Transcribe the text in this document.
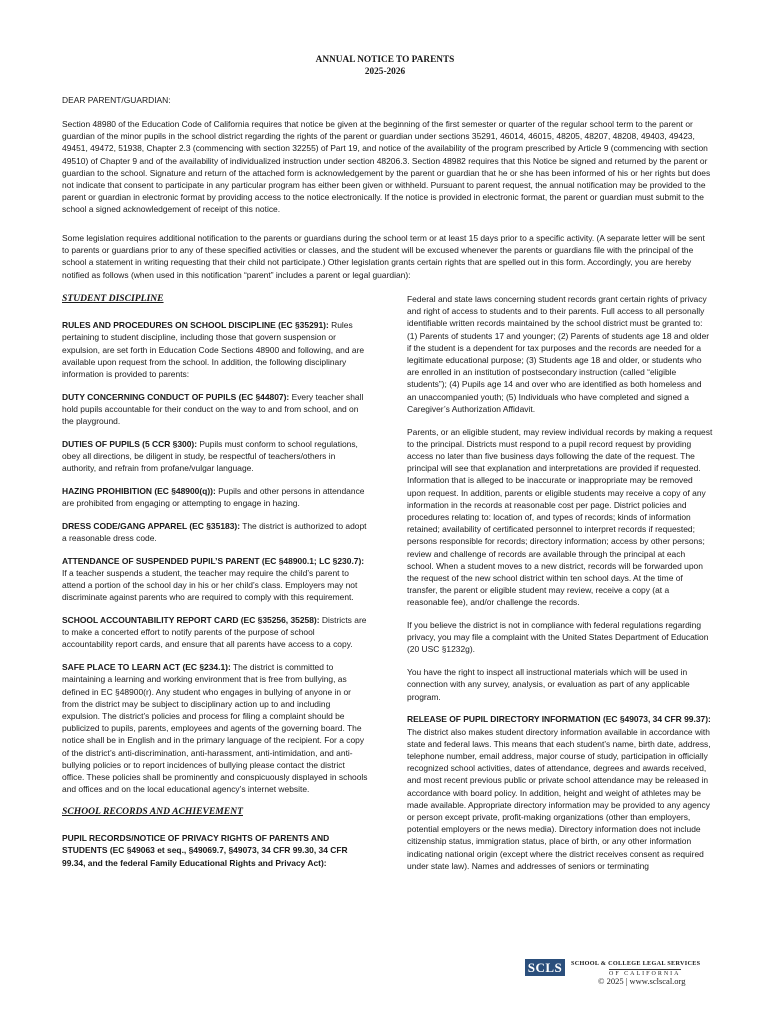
ANNUAL NOTICE TO PARENTS
2025-2026

DEAR PARENT/GUARDIAN:

Section 48980 of the Education Code of California requires that notice be given at the beginning of the first semester or quarter of the regular school term to the parent or guardian of the minor pupils in the school district regarding the rights of the parent or guardian under sections 35291, 46014, 46015, 48205, 48207, 48208, 49403, 49423, 49451, 49472, 51938, Chapter 2.3 (commencing with section 32255) of Part 19, and notice of the availability of the program prescribed by Article 9 (commencing with section 49510) of Chapter 9 and of the availability of individualized instruction under section 48206.3. Section 48982 requires that this Notice be signed and returned by the parent or guardian to the school. Signature and return of the attached form is acknowledgement by the parent or guardian that he or she has been informed of his or her rights but does not indicate that consent to participate in any particular program has either been given or withheld. Pursuant to parent request, the annual notification may be provided to the parent or guardian in electronic format by providing access to the notice electronically. If the notice is provided in electronic format, the parent or guardian must submit to the school a signed acknowledgement of receipt of this notice.

Some legislation requires additional notification to the parents or guardians during the school term or at least 15 days prior to a specific activity. (A separate letter will be sent to parents or guardians prior to any of these specified activities or classes, and the student will be excused whenever the parents or guardians file with the principal of the school a statement in writing requesting that their child not participate.) Other legislation grants certain rights that are spelled out in this form. Accordingly, you are hereby notified as follows (when used in this notification “parent” includes a parent or legal guardian):

STUDENT DISCIPLINE

RULES AND PROCEDURES ON SCHOOL DISCIPLINE (EC §35291): Rules pertaining to student discipline, including those that govern suspension or expulsion, are set forth in Education Code Sections 48900 and following, and are available upon request from the school. In addition, the following disciplinary information is provided to parents:

DUTY CONCERNING CONDUCT OF PUPILS (EC §44807): Every teacher shall hold pupils accountable for their conduct on the way to and from school, and on the playground.

DUTIES OF PUPILS (5 CCR §300): Pupils must conform to school regulations, obey all directions, be diligent in study, be respectful of teachers/others in authority, and refrain from profane/vulgar language.

HAZING PROHIBITION (EC §48900(q)): Pupils and other persons in attendance are prohibited from engaging or attempting to engage in hazing.

DRESS CODE/GANG APPAREL (EC §35183): The district is authorized to adopt a reasonable dress code.

ATTENDANCE OF SUSPENDED PUPIL’S PARENT (EC §48900.1; LC §230.7): If a teacher suspends a student, the teacher may require the child’s parent to attend a portion of the school day in his or her child’s class. Employers may not discriminate against parents who are required to comply with this requirement.

SCHOOL ACCOUNTABILITY REPORT CARD (EC §35256, 35258): Districts are to make a concerted effort to notify parents of the purpose of school accountability report cards, and ensure that all parents have access to a copy.

SAFE PLACE TO LEARN ACT (EC §234.1): The district is committed to maintaining a learning and working environment that is free from bullying, as defined in EC §48900(r). Any student who engages in bullying of anyone in or from the district may be subject to disciplinary action up to and including expulsion. The district’s policies and process for filing a complaint should be publicized to pupils, parents, employees and agents of the governing board. The notice shall be in English and in the primary language of the recipient. For a copy of the district’s anti-discrimination, anti-harassment, anti-intimidation, and anti-bullying policies or to report incidences of bullying please contact the district office. These policies shall be prominently and conspicuously displayed in schools and offices and on the local educational agency’s internet website.

SCHOOL RECORDS AND ACHIEVEMENT

PUPIL RECORDS/NOTICE OF PRIVACY RIGHTS OF PARENTS AND STUDENTS (EC §49063 et seq., §49069.7, §49073, 34 CFR 99.30, 34 CFR 99.34, and the federal Family Educational Rights and Privacy Act):

Federal and state laws concerning student records grant certain rights of privacy and right of access to students and to their parents. Full access to all personally identifiable written records maintained by the school district must be granted to: (1) Parents of students 17 and younger; (2) Parents of students age 18 and older if the student is a dependent for tax purposes and the records are needed for a legitimate educational purpose; (3) Students age 18 and older, or students who are enrolled in an institution of postsecondary instruction (called “eligible students”); (4) Pupils age 14 and over who are identified as both homeless and an unaccompanied youth; (5) Individuals who have completed and signed a Caregiver’s Authorization Affidavit.

Parents, or an eligible student, may review individual records by making a request to the principal. Districts must respond to a pupil record request by providing access no later than five business days following the date of the request. The principal will see that explanation and interpretations are provided if requested. Information that is alleged to be inaccurate or inappropriate may be removed upon request. In addition, parents or eligible students may receive a copy of any information in the records at reasonable cost per page. District policies and procedures relating to: location of, and types of records; kinds of information retained; availability of certificated personnel to interpret records if requested; persons responsible for records; directory information; access by other persons; review and challenge of records are available through the principal at each school. When a student moves to a new district, records will be forwarded upon the request of the new school district within ten school days. At the time of transfer, the parent or eligible student may review, receive a copy (at a reasonable fee), and/or challenge the records.

If you believe the district is not in compliance with federal regulations regarding privacy, you may file a complaint with the United States Department of Education (20 USC §1232g).

You have the right to inspect all instructional materials which will be used in connection with any survey, analysis, or evaluation as part of any applicable program.

RELEASE OF PUPIL DIRECTORY INFORMATION (EC §49073, 34 CFR 99.37): The district also makes student directory information available in accordance with state and federal laws. This means that each student’s name, birth date, address, telephone number, email address, major course of study, participation in officially recognized school activities, dates of attendance, degrees and awards received, and most recent previous public or private school attendance may be released in accordance with board policy. In addition, height and weight of athletes may be made available. Appropriate directory information may be provided to any agency or person except private, profit-making organizations (other than employers, potential employers or the news media). Directory information does not include citizenship status, immigration status, place of birth, or any other information indicating national origin (except where the district receives consent as required under state law). Names and addresses of seniors or terminating

SCLS	SCHOOL & COLLEGE LEGAL SERVICES
OF CALIFORNIA
© 2025 | www.sclscal.org
